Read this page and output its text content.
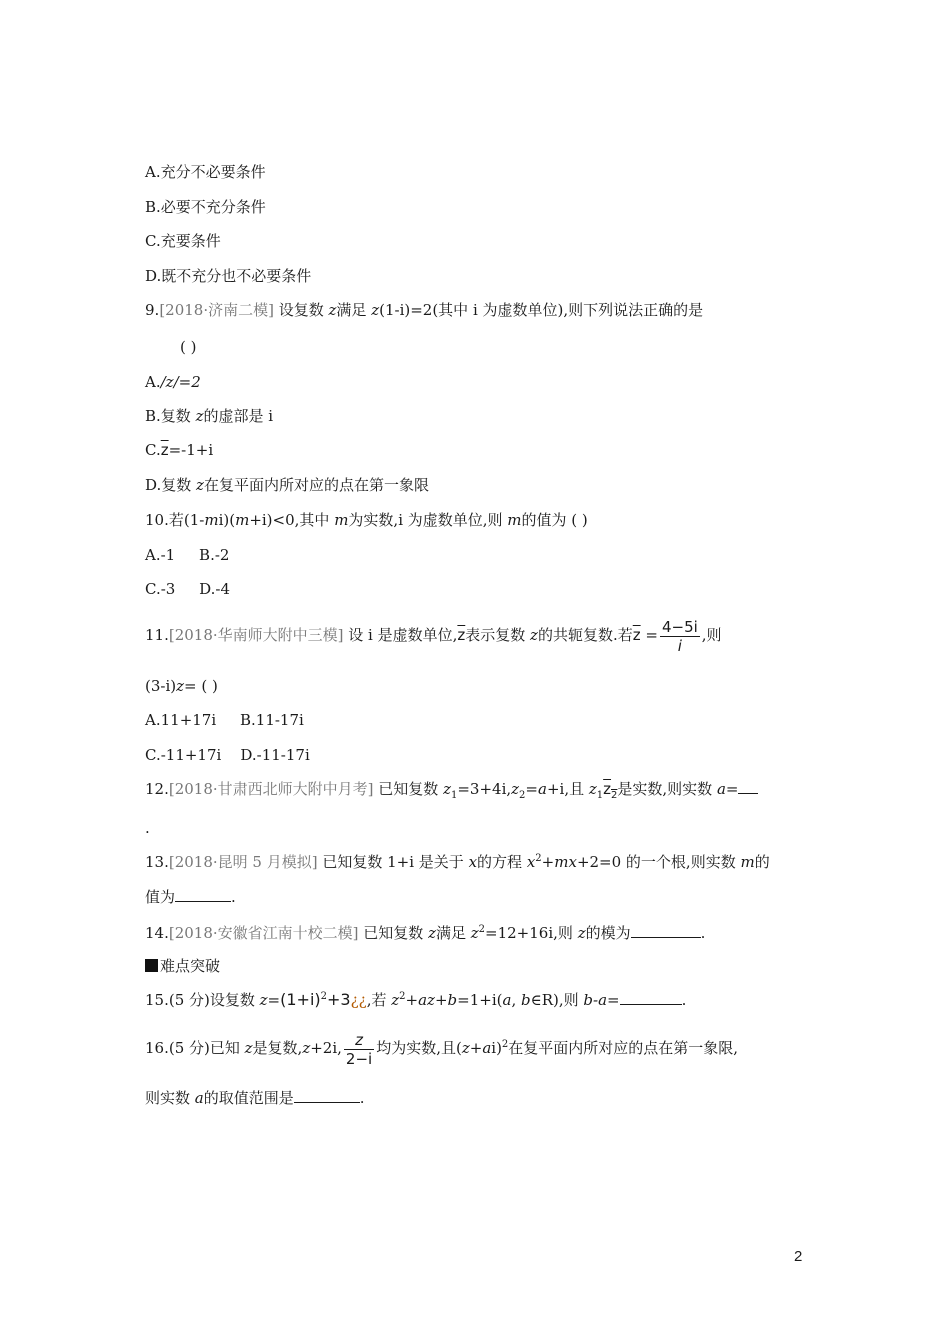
A.充分不必要条件
B.必要不充分条件
C.充要条件
D.既不充分也不必要条件
9.[2018·济南二模] 设复数 z满足 z(1-i)=2(其中 i 为虚数单位),则下列说法正确的是
( )
A./z/=2
B.复数 z的虚部是 i
$C.\overline{z}=-1+i$
D.复数 z在复平面内所对应的点在第一象限
10.若(1-mi)(m+i)<0,其中 m为实数,i 为虚数单位,则 m的值为 ( )
A.-1     B.-2
C.-3     D.-4
11.[2018·华南师大附中三模] 设 i 是虚数单位$,\overline{z}$表示复数 z的共轭复数.若$\overline{z} = \frac{4-5i}{i}$ ,则
(3-i)z= ( )
A.11+17i     B.11-17i
C.-11+17i    D.-11-17i
12.[2018·甘肃西北师大附中月考] 已知复数 $z_1=3+4i,z_2=a+i$,且 $z_1z_2$是实数,则实数 a=
.
13.[2018·昆明 5 月模拟] 已知复数 1+i 是关于 x的方程 $x^2+mx+2=0$ 的一个根,则实数 m的
值为	.
14.[2018·安徽省江南十校二模] 已知复数 z满足 $z^2=12+16i$,则 z的模为	.
难点突破
15.(5 分)设复数 $z=(1+i)^2+3¿¿$,若 $z^2+az+b=1+i(a$, b∈R),则 b-a=	.
16.(5 分)已知 z是复数,z+2i, $\frac{z}{2-i}$ 均为实数,且$(z+ai)^2$在复平面内所对应的点在第一象限,
则实数 a的取值范围是	.
2
